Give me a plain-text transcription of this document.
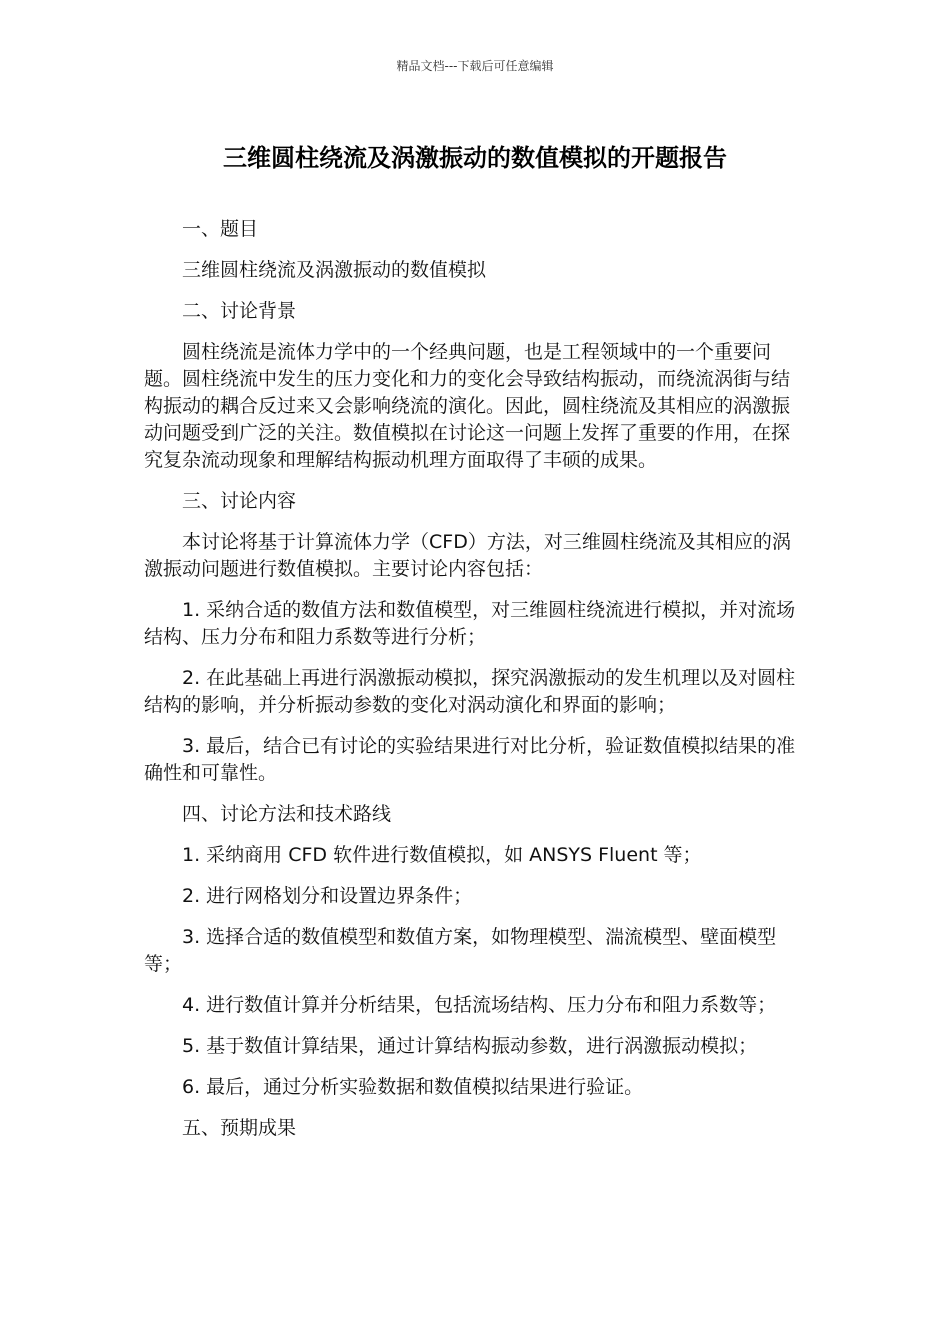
精品文档---下载后可任意编辑
三维圆柱绕流及涡激振动的数值模拟的开题报告

一、题目

三维圆柱绕流及涡激振动的数值模拟

二、讨论背景

圆柱绕流是流体力学中的一个经典问题，也是工程领域中的一个重要问题。圆柱绕流中发生的压力变化和力的变化会导致结构振动，而绕流涡街与结构振动的耦合反过来又会影响绕流的演化。因此，圆柱绕流及其相应的涡激振动问题受到广泛的关注。数值模拟在讨论这一问题上发挥了重要的作用，在探究复杂流动现象和理解结构振动机理方面取得了丰硕的成果。

三、讨论内容

本讨论将基于计算流体力学（CFD）方法，对三维圆柱绕流及其相应的涡激振动问题进行数值模拟。主要讨论内容包括：

1. 采纳合适的数值方法和数值模型，对三维圆柱绕流进行模拟，并对流场结构、压力分布和阻力系数等进行分析；

2. 在此基础上再进行涡激振动模拟，探究涡激振动的发生机理以及对圆柱结构的影响，并分析振动参数的变化对涡动演化和界面的影响；

3. 最后，结合已有讨论的实验结果进行对比分析，验证数值模拟结果的准确性和可靠性。

四、讨论方法和技术路线

1. 采纳商用 CFD 软件进行数值模拟，如 ANSYS Fluent 等；

2. 进行网格划分和设置边界条件；

3. 选择合适的数值模型和数值方案，如物理模型、湍流模型、壁面模型等；

4. 进行数值计算并分析结果，包括流场结构、压力分布和阻力系数等；

5. 基于数值计算结果，通过计算结构振动参数，进行涡激振动模拟；

6. 最后，通过分析实验数据和数值模拟结果进行验证。

五、预期成果
